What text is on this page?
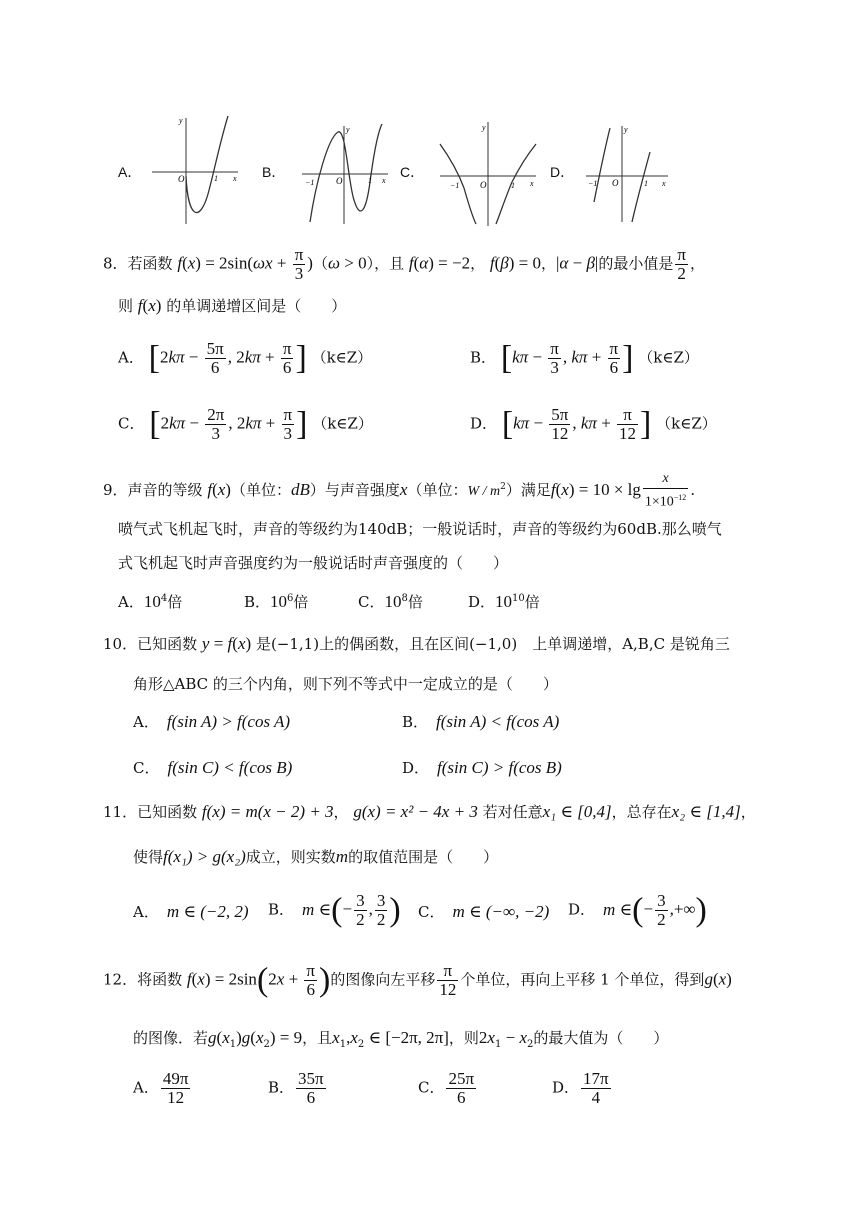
A．	O	1 x
y
B．
−1 O	1 x
y
C．
−1 O	1 x
y
D．
−1 O	1 x
y
8．若函数 $f(x) = 2\sin(\omega x + \frac{\pi}{3} )(\omega > 0)$，且 f(α) = −2， f(β) = 0，|α − β|的最小值是 $\frac{\pi}{2}$ ，
则 f(x) 的单调递增区间是（　　）
A． [$2k\pi - \frac{5\pi}{6}$ , $2k\pi + \frac{\pi}{6}$ ] （k∈Z）	B． [$k\pi - \frac{\pi}{3}$ , $k\pi + \frac{\pi}{6}$ ] （k∈Z）
C． [$2k\pi - \frac{2\pi}{3}$ , $2k\pi + \frac{\pi}{3}$ ] （k∈Z）	D． [$k\pi - \frac{5\pi}{12}$ , $k\pi + \frac{\pi}{12}$ ] （k∈Z）
9．声音的等级 f(x)（单位：dB）与声音强度x（单位：W / $m^2$）满足$f(x) = 10 \times \lg \frac{x}{1\times 10^{-12}}$ .
喷气式飞机起飞时，声音的等级约为140dB；一般说话时，声音的等级约为60dB.那么喷气
式飞机起飞时声音强度约为一般说话时声音强度的（　　）
A．$10^4$倍	B．$10^6$倍	C．$10^8$倍	D．$10^{10}$倍
10．已知函数 y = f(x) 是(−1,1)上的偶函数，且在区间(−1,0)　上单调递增，A,B,C 是锐角三
角形△ABC 的三个内角，则下列不等式中一定成立的是（　　）
A． f(sin A) > f(cos A)	B． f(sin A) < f(cos A)
C． f(sin C) < f(cos B)	D． f(sin C) > f(cos B)
11．已知函数 f(x) = m(x − 2) + 3， g(x) = x² − 4x + 3 若对任意x₁ ∈ [0,4]，总存在x₂ ∈ [1,4]，
使得f(x₁) > g(x₂)成立，则实数m的取值范围是（　　）
A． m ∈ (−2, 2) B． m ∈(− $\frac{3}{2}$ , $\frac{3}{2}$ ) C． m ∈ (−∞, −2) D． m ∈(− $\frac{3}{2}$ ,+∞)
12．将函数 $f(x) = 2\sin(2x + \frac{\pi}{6}$ )的图像向左平移 $\frac{\pi}{12}$ 个单位，再向上平移 1 个单位，得到g(x)
的图像．若$g(x_1)g(x_2) = 9$，且$x_1,x_2$ ∈ [−2π, 2π]，则$2x_1 - x_2$的最大值为（　　）
A． $\frac{49\pi}{12}$	B． $\frac{35\pi}{6}$	C． $\frac{25\pi}{6}$	D． $\frac{17\pi}{4}$
